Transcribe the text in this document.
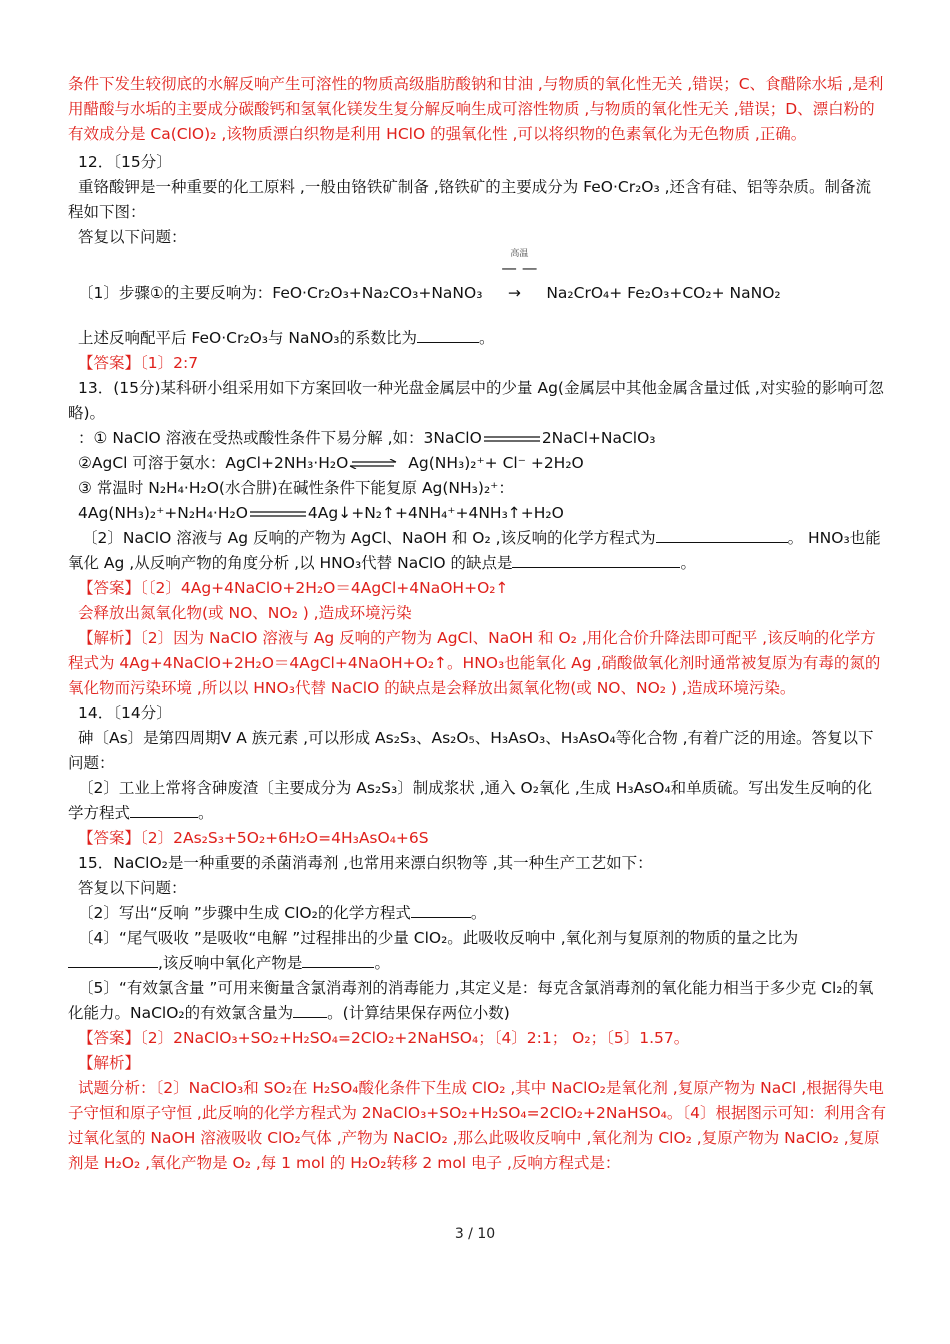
条件下发生较彻底的水解反响产生可溶性的物质高级脂肪酸钠和甘油 ,与物质的氧化性无关 ,错误；C、食醋除水垢 ,是利用醋酸与水垢的主要成分碳酸钙和氢氧化镁发生复分解反响生成可溶性物质 ,与物质的氧化性无关 ,错误；D、漂白粉的有效成分是 Ca(ClO)₂ ,该物质漂白织物是利用 HClO 的强氧化性 ,可以将织物的色素氧化为无色物质 ,正确。

12．〔15分〕

重铬酸钾是一种重要的化工原料 ,一般由铬铁矿制备 ,铬铁矿的主要成分为 FeO·Cr₂O₃ ,还含有硅、铝等杂质。制备流程如下图：

答复以下问题：

〔1〕步骤①的主要反响为：FeO·Cr₂O₃+Na₂CO₃+NaNO₃
高温
— —→ Na₂CrO₄+ Fe₂O₃+CO₂+ NaNO₂

上述反响配平后 FeO·Cr₂O₃与 NaNO₃的系数比为	。

【答案】〔1〕2:7

13．(15分)某科研小组采用如下方案回收一种光盘金属层中的少量 Ag(金属层中其他金属含量过低 ,对实验的影响可忽略)。

：① NaClO 溶液在受热或酸性条件下易分解 ,如：3NaClO	2NaCl+NaClO₃

②AgCl 可溶于氨水：AgCl+2NH₃·H₂O⇌Ag(NH₃)₂⁺+ Cl⁻ +2H₂O

③ 常温时 N₂H₄·H₂O(水合肼)在碱性条件下能复原 Ag(NH₃)₂⁺：

4Ag(NH₃)₂⁺+N₂H₄·H₂O	4Ag↓+N₂↑+4NH₄⁺+4NH₃↑+H₂O

〔2〕NaClO 溶液与 Ag 反响的产物为 AgCl、NaOH 和 O₂ ,该反响的化学方程式为	。 HNO₃也能氧化 Ag ,从反响产物的角度分析 ,以 HNO₃代替 NaClO 的缺点是	。

【答案】〔〔2〕4Ag+4NaClO+2H₂O＝4AgCl+4NaOH+O₂↑

会释放出氮氧化物(或 NO、NO₂ ) ,造成环境污染

【解析】〔2〕因为 NaClO 溶液与 Ag 反响的产物为 AgCl、NaOH 和 O₂ ,用化合价升降法即可配平 ,该反响的化学方程式为 4Ag+4NaClO+2H₂O＝4AgCl+4NaOH+O₂↑。HNO₃也能氧化 Ag ,硝酸做氧化剂时通常被复原为有毒的氮的氧化物而污染环境 ,所以以 HNO₃代替 NaClO 的缺点是会释放出氮氧化物(或 NO、NO₂ ) ,造成环境污染。

14．〔14分〕

砷〔As〕是第四周期Ⅴ A 族元素 ,可以形成 As₂S₃、As₂O₅、H₃AsO₃、H₃AsO₄等化合物 ,有着广泛的用途。答复以下问题：

〔2〕工业上常将含砷废渣〔主要成分为 As₂S₃〕制成浆状 ,通入 O₂氧化 ,生成 H₃AsO₄和单质硫。写出发生反响的化学方程式	。

【答案】〔2〕2As₂S₃+5O₂+6H₂O=4H₃AsO₄+6S

15．NaClO₂是一种重要的杀菌消毒剂 ,也常用来漂白织物等 ,其一种生产工艺如下：

答复以下问题：

〔2〕写出“反响 ”步骤中生成 ClO₂的化学方程式	。

〔4〕“尾气吸收 ”是吸收“电解 ”过程排出的少量 ClO₂。此吸收反响中 ,氧化剂与复原剂的物质的量之比为,该反响中氧化产物是	。

〔5〕“有效氯含量 ”可用来衡量含氯消毒剂的消毒能力 ,其定义是：每克含氯消毒剂的氧化能力相当于多少克 Cl₂的氧化能力。NaClO₂的有效氯含量为 。(计算结果保存两位小数)

【答案】〔2〕2NaClO₃+SO₂+H₂SO₄=2ClO₂+2NaHSO₄；〔4〕2:1； O₂；〔5〕1.57。

【解析】

试题分析：〔2〕NaClO₃和 SO₂在 H₂SO₄酸化条件下生成 ClO₂ ,其中 NaClO₂是氧化剂 ,复原产物为 NaCl ,根据得失电子守恒和原子守恒 ,此反响的化学方程式为 2NaClO₃+SO₂+H₂SO₄=2ClO₂+2NaHSO₄。〔4〕根据图示可知：利用含有过氧化氢的 NaOH 溶液吸收 ClO₂气体 ,产物为 NaClO₂ ,那么此吸收反响中 ,氧化剂为 ClO₂ ,复原产物为 NaClO₂ ,复原剂是 H₂O₂ ,氧化产物是 O₂ ,每 1 mol 的 H₂O₂转移 2 mol 电子 ,反响方程式是：

3 / 10
